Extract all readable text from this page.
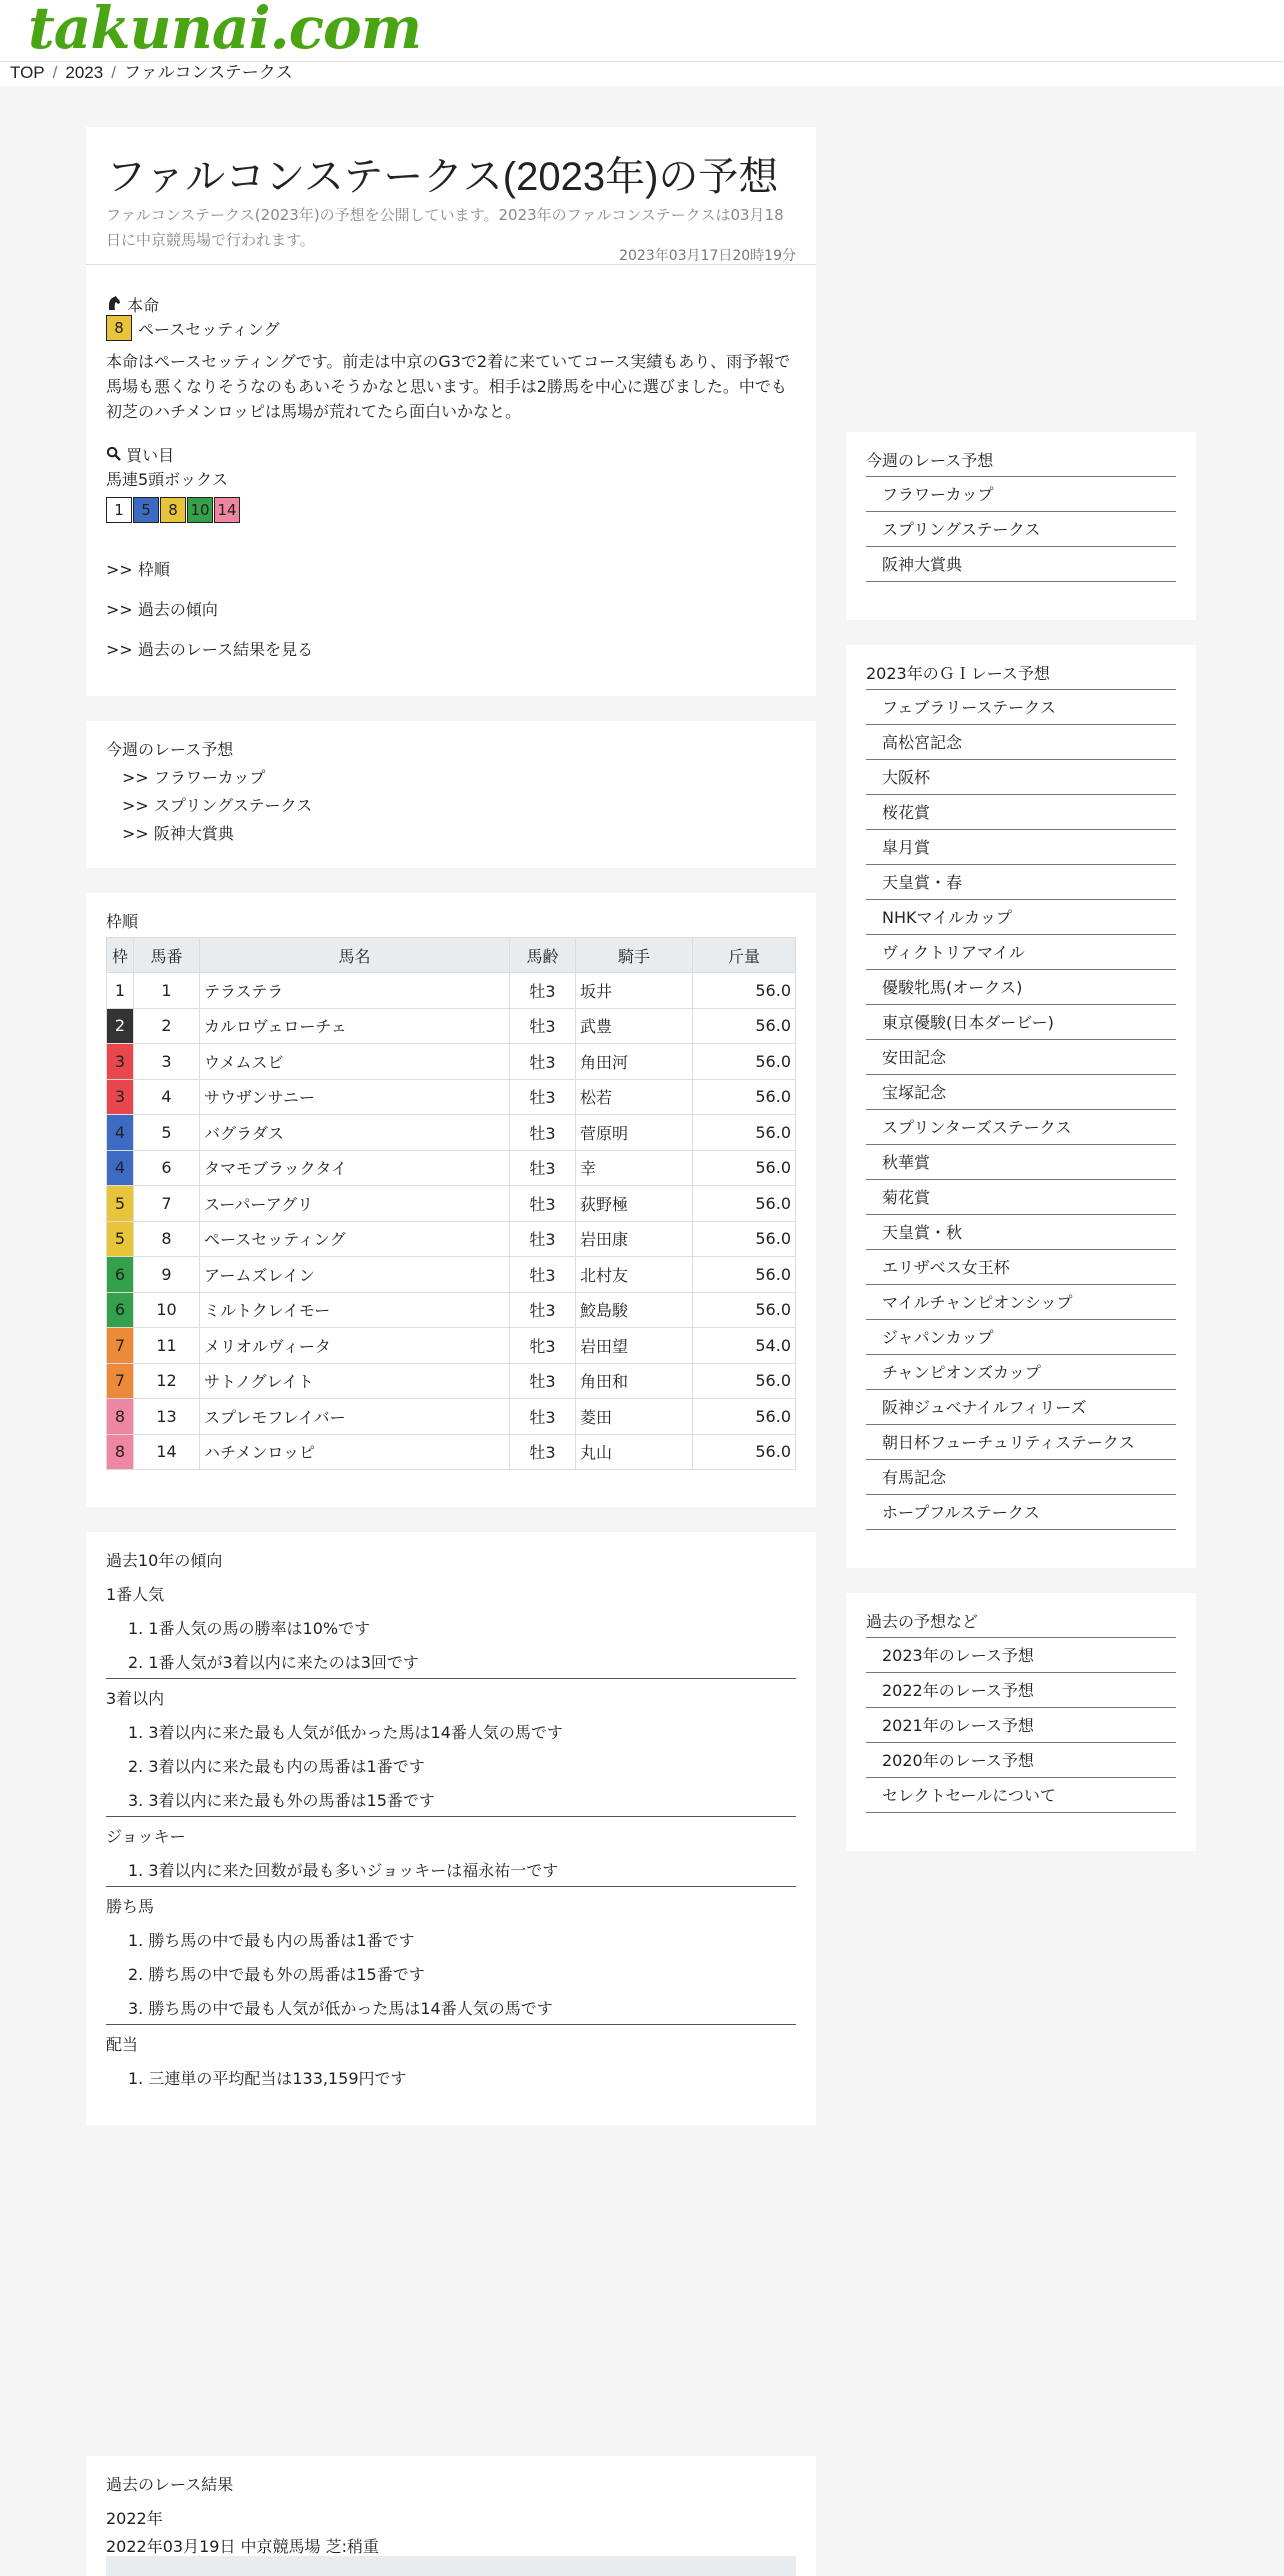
takunai.com
TOP / 2023 / ファルコンステークス
ファルコンステークス(2023年)の予想

ファルコンステークス(2023年)の予想を公開しています。2023年のファルコンステークスは03月18日に中京競馬場で行われます。

2023年03月17日20時19分
本命
8 ペースセッティング

本命はペースセッティングです。前走は中京のG3で2着に来ていてコース実績もあり、雨予報で馬場も悪くなりそうなのもあいそうかなと思います。相手は2勝馬を中心に選びました。中でも初芝のハチメンロッピは馬場が荒れてたら面白いかなと。

買い目
馬連5頭ボックス
1	5	8 10 14
>> 枠順
>> 過去の傾向
>> 過去のレース結果を見る
今週のレース予想
>> フラワーカップ
>> スプリングステークス
>> 阪神大賞典
枠順
枠	馬番	馬名	馬齢	騎手	斤量
1	1	テラステラ	牡3	坂井	56.0
2	2	カルロヴェローチェ	牡3	武豊	56.0
3	3	ウメムスビ	牡3	角田河	56.0
3	4	サウザンサニー	牡3	松若	56.0
4	5	バグラダス	牡3	菅原明	56.0
4	6	タマモブラックタイ	牡3	幸	56.0
5	7	スーパーアグリ	牡3	荻野極	56.0
5	8	ペースセッティング	牡3	岩田康	56.0
6	9	アームズレイン	牡3	北村友	56.0
6	10	ミルトクレイモー	牡3	鮫島駿	56.0
7	11	メリオルヴィータ	牝3	岩田望	54.0
7	12	サトノグレイト	牡3	角田和	56.0
8	13	スプレモフレイバー	牡3	菱田	56.0
8	14	ハチメンロッピ	牡3	丸山	56.0
過去10年の傾向
1番人気
1. 1番人気の馬の勝率は10%です
2. 1番人気が3着以内に来たのは3回です
3着以内
1. 3着以内に来た最も人気が低かった馬は14番人気の馬です
2. 3着以内に来た最も内の馬番は1番です
3. 3着以内に来た最も外の馬番は15番です
ジョッキー
1. 3着以内に来た回数が最も多いジョッキーは福永祐一です
勝ち馬
1. 勝ち馬の中で最も内の馬番は1番です
2. 勝ち馬の中で最も外の馬番は15番です
3. 勝ち馬の中で最も人気が低かった馬は14番人気の馬です
配当
1. 三連単の平均配当は133,159円です
過去のレース結果
2022年
2022年03月19日 中京競馬場 芝:稍重
今週のレース予想
フラワーカップ
スプリングステークス
阪神大賞典
2023年のＧＩレース予想
フェブラリーステークス
高松宮記念
大阪杯
桜花賞
皐月賞
天皇賞・春
NHKマイルカップ
ヴィクトリアマイル
優駿牝馬(オークス)
東京優駿(日本ダービー)
安田記念
宝塚記念
スプリンターズステークス
秋華賞
菊花賞
天皇賞・秋
エリザベス女王杯
マイルチャンピオンシップ
ジャパンカップ
チャンピオンズカップ
阪神ジュベナイルフィリーズ
朝日杯フューチュリティステークス
有馬記念
ホープフルステークス
過去の予想など
2023年のレース予想
2022年のレース予想
2021年のレース予想
2020年のレース予想
セレクトセールについて
